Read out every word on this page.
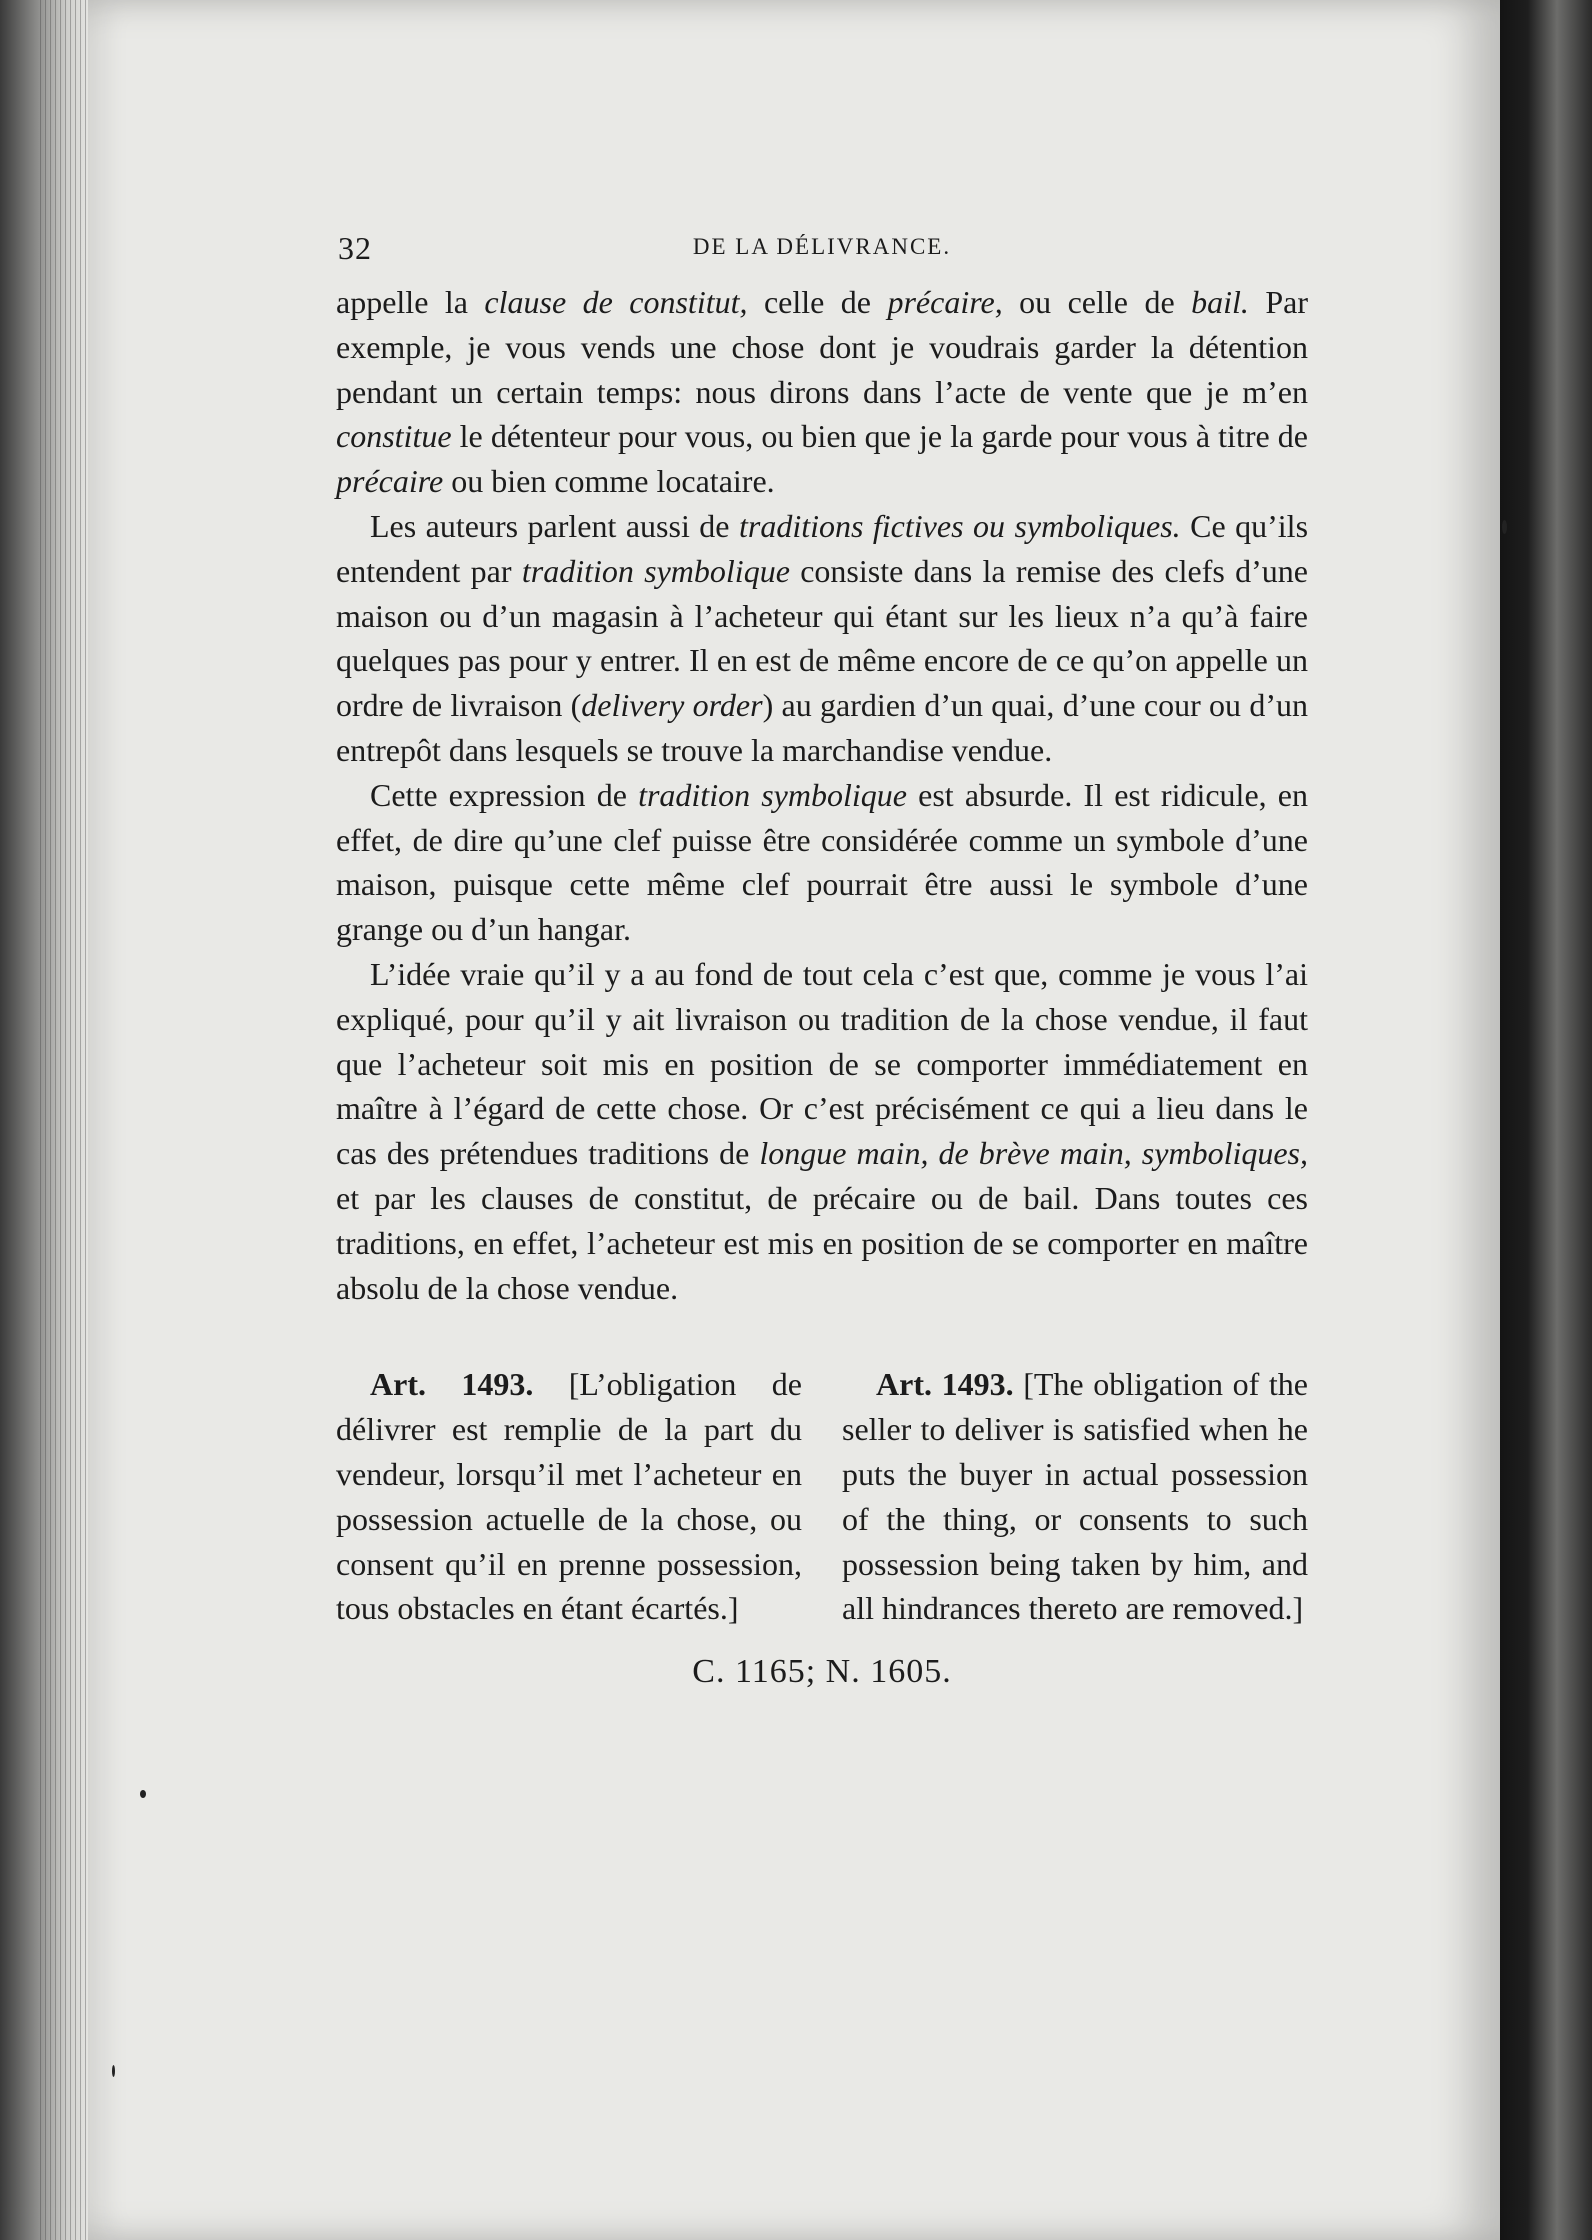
32	DE LA DÉLIVRANCE.

appelle la clause de constitut, celle de précaire, ou celle de bail. Par exemple, je vous vends une chose dont je voudrais garder la détention pendant un certain temps: nous dirons dans l’acte de vente que je m’en constitue le détenteur pour vous, ou bien que je la garde pour vous à titre de précaire ou bien comme locataire.

Les auteurs parlent aussi de traditions fictives ou symboliques. Ce qu’ils entendent par tradition symbolique consiste dans la remise des clefs d’une maison ou d’un magasin à l’acheteur qui étant sur les lieux n’a qu’à faire quelques pas pour y entrer. Il en est de même encore de ce qu’on appelle un ordre de livraison (delivery order) au gardien d’un quai, d’une cour ou d’un entrepôt dans lesquels se trouve la marchandise vendue.

Cette expression de tradition symbolique est absurde. Il est ridicule, en effet, de dire qu’une clef puisse être considérée comme un symbole d’une maison, puisque cette même clef pourrait être aussi le symbole d’une grange ou d’un hangar.

L’idée vraie qu’il y a au fond de tout cela c’est que, comme je vous l’ai expliqué, pour qu’il y ait livraison ou tradition de la chose vendue, il faut que l’acheteur soit mis en position de se comporter immédiatement en maître à l’égard de cette chose. Or c’est précisément ce qui a lieu dans le cas des prétendues traditions de longue main, de brève main, symboliques, et par les clauses de constitut, de précaire ou de bail. Dans toutes ces traditions, en effet, l’acheteur est mis en position de se comporter en maître absolu de la chose vendue.

Art. 1493. [L’obligation de délivrer est remplie de la part du vendeur, lorsqu’il met l’acheteur en possession actuelle de la chose, ou consent qu’il en prenne possession, tous obstacles en étant écartés.]
Art. 1493. [The obligation of the seller to deliver is satisfied when he puts the buyer in actual possession of the thing, or consents to such possession being taken by him, and all hindrances thereto are removed.]
C. 1165; N. 1605.
